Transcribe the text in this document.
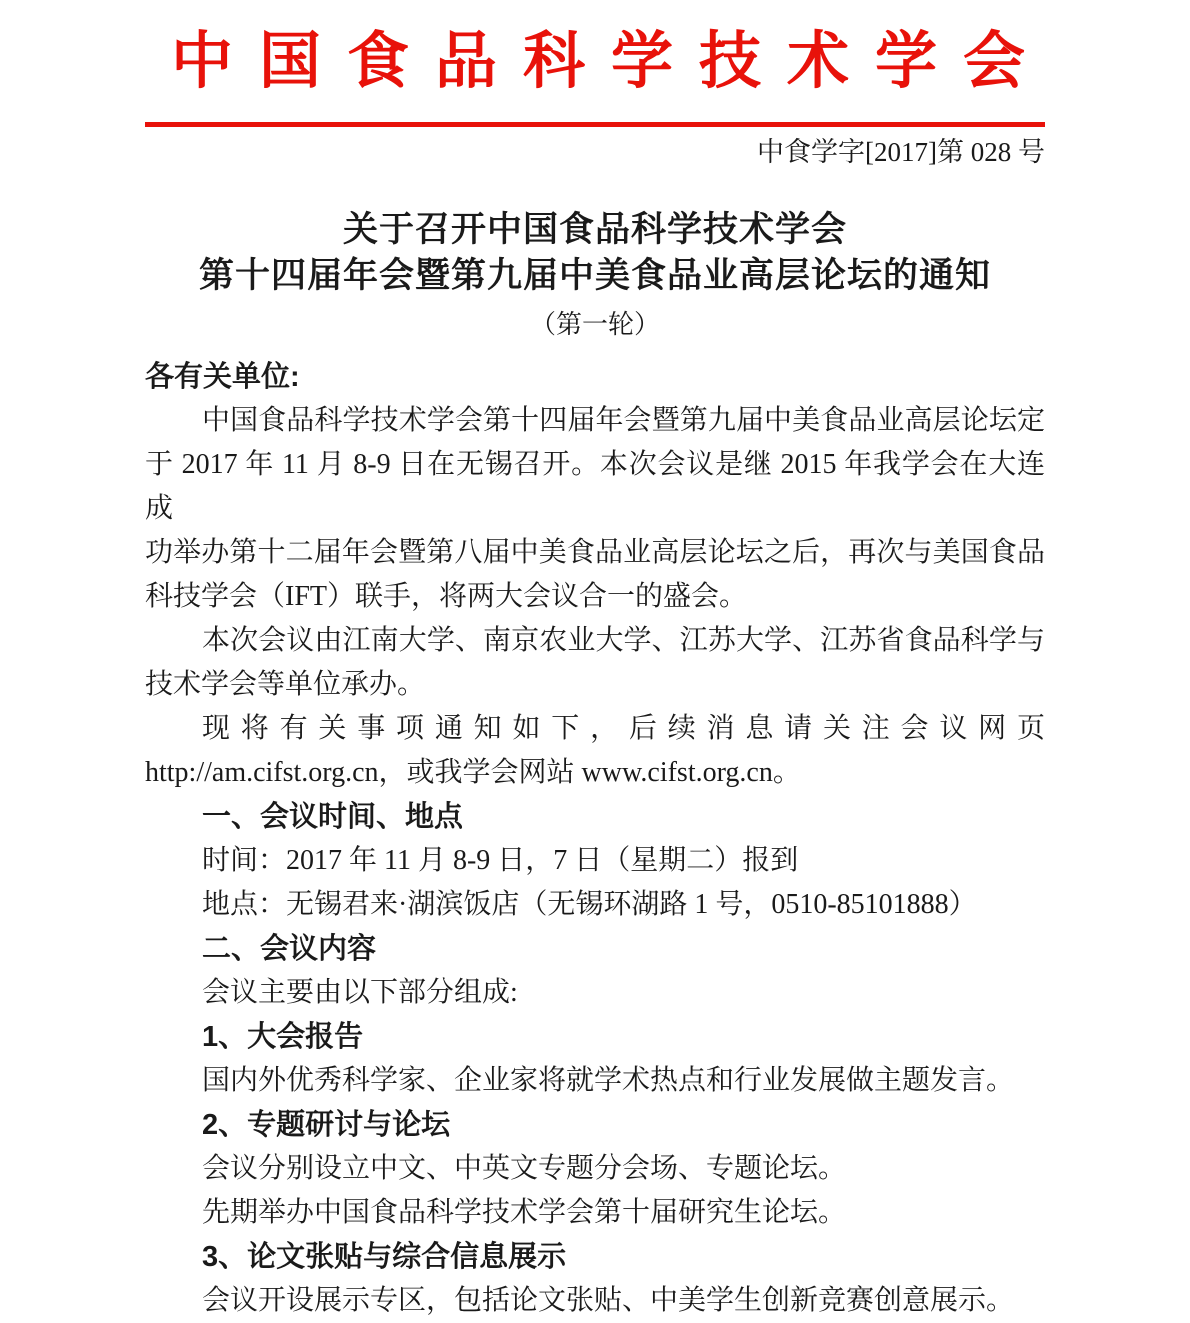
中国食品科学技术学会
中食学字[2017]第 028 号
关于召开中国食品科学技术学会
第十四届年会暨第九届中美食品业高层论坛的通知
（第一轮）
各有关单位:
中国食品科学技术学会第十四届年会暨第九届中美食品业高层论坛定
于 2017 年 11 月 8-9 日在无锡召开。本次会议是继 2015 年我学会在大连成
功举办第十二届年会暨第八届中美食品业高层论坛之后，再次与美国食品
科技学会（IFT）联手，将两大会议合一的盛会。
本次会议由江南大学、南京农业大学、江苏大学、江苏省食品科学与
技术学会等单位承办。
现将有关事项通知如下，后续消息请关注会议网页
http://am.cifst.org.cn，或我学会网站 www.cifst.org.cn。
一、会议时间、地点
时间：2017 年 11 月 8-9 日，7 日（星期二）报到
地点：无锡君来·湖滨饭店（无锡环湖路 1 号，0510-85101888）
二、会议内容
会议主要由以下部分组成:
1、大会报告
国内外优秀科学家、企业家将就学术热点和行业发展做主题发言。
2、专题研讨与论坛
会议分别设立中文、中英文专题分会场、专题论坛。
先期举办中国食品科学技术学会第十届研究生论坛。
3、论文张贴与综合信息展示
会议开设展示专区，包括论文张贴、中美学生创新竞赛创意展示。
